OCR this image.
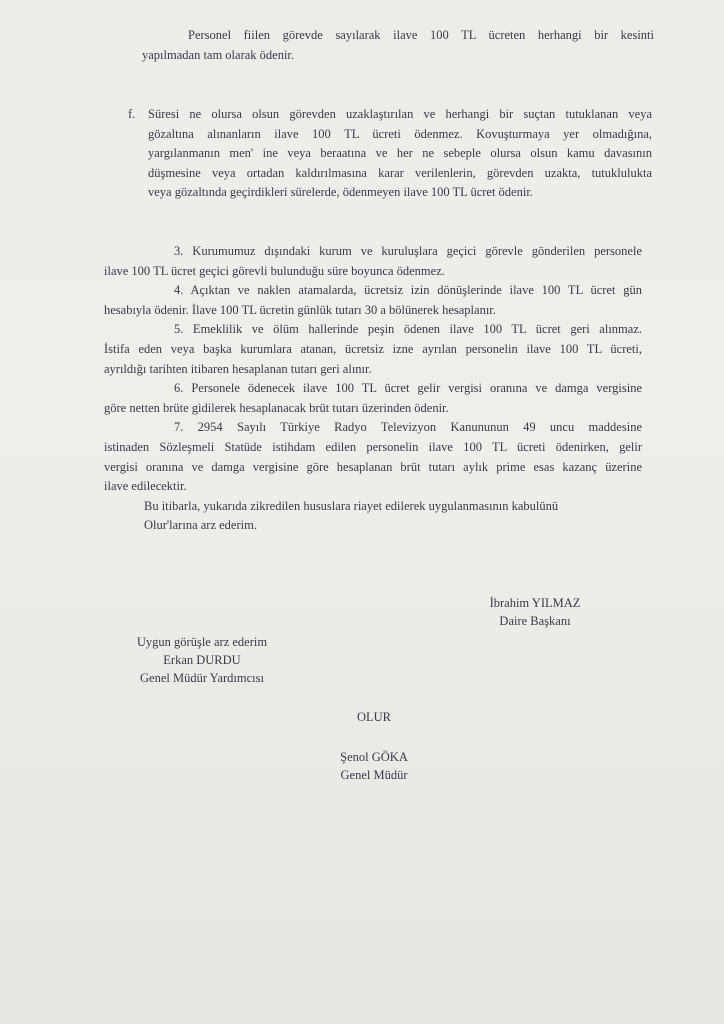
Personel fiilen görevde sayılarak ilave 100 TL ücreten herhangi bir kesinti
yapılmadan tam olarak ödenir.
f. Süresi ne olursa olsun görevden uzaklaştırılan ve herhangi bir suçtan tutuklanan veya
gözaltına alınanların ilave 100 TL ücreti ödenmez. Kovuşturmaya yer olmadığına,
yargılanmanın men' ine veya beraatına ve her ne sebeple olursa olsun kamu davasının
düşmesine veya ortadan kaldırılmasına karar verilenlerin, görevden uzakta, tutukluluktа
veya gözaltında geçirdikleri sürelerde, ödenmeyen ilave 100 TL ücret ödenir.
3. Kurumumuz dışındaki kurum ve kuruluşlara geçici görevle gönderilen personele
ilave 100 TL ücret geçici görevli bulunduğu süre boyunca ödenmez.
4. Açıktan ve naklen atamalarda, ücretsiz izin dönüşlerinde ilave 100 TL ücret gün
hesabıyla ödenir. İlave 100 TL ücretin günlük tutarı 30 a bölünerek hesaplanır.
5. Emeklilik ve ölüm hallerinde peşin ödenen ilave 100 TL ücret geri alınmaz.
İstifa eden veya başka kurumlara atanan, ücretsiz izne ayrılan personelin ilave 100 TL ücreti,
ayrıldığı tarihten itibaren hesaplanan tutarı geri alınır.
6. Personele ödenecek ilave 100 TL ücret gelir vergisi oranına ve damga vergisine
göre netten brüte gidilerek hesaplanacak brüt tutarı üzerinden ödenir.
7. 2954 Sayılı Türkiye Radyo Televizyon Kanununun 49 uncu maddesine
istinaden Sözleşmeli Statüde istihdam edilen personelin ilave 100 TL ücreti ödenirken, gelir
vergisi oranına ve damga vergisine göre hesaplanan brüt tutarı aylık prime esas kazanç üzerine
ilave edilecektir.
Bu itibarla, yukarıda zikredilen hususlara riayet edilerek uygulanmasının kabulünü
Olur'larına arz ederim.
İbrahim YILMAZ
Daire Başkanı
Uygun görüşle arz ederim
Erkan DURDU
Genel Müdür Yardımcısı
OLUR
Şenol GÖKA
Genel Müdür
